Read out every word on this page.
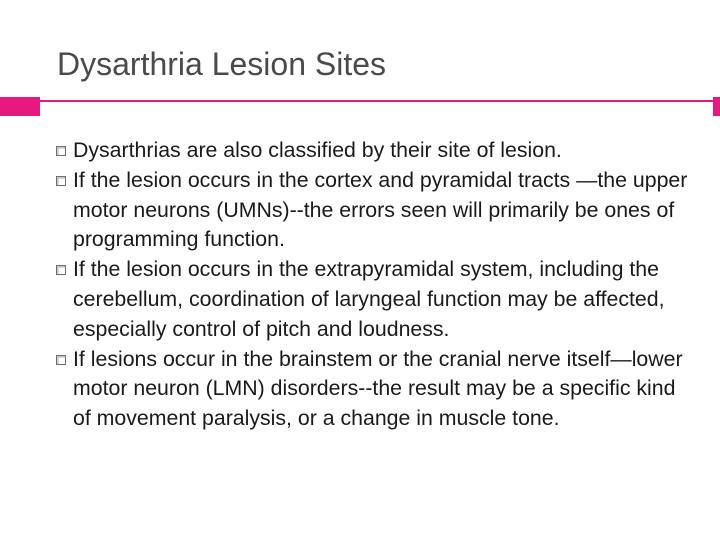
Dysarthria Lesion Sites
Dysarthrias are also classified by their site of lesion.
If the lesion occurs in the cortex and pyramidal tracts —the upper motor neurons (UMNs)--the errors seen will primarily be ones of programming function.
If the lesion occurs in the extrapyramidal system, including the cerebellum, coordination of laryngeal function may be affected, especially control of pitch and loudness.
If lesions occur in the brainstem or the cranial nerve itself—lower motor neuron (LMN) disorders--the result may be a specific kind of movement paralysis, or a change in muscle tone.
